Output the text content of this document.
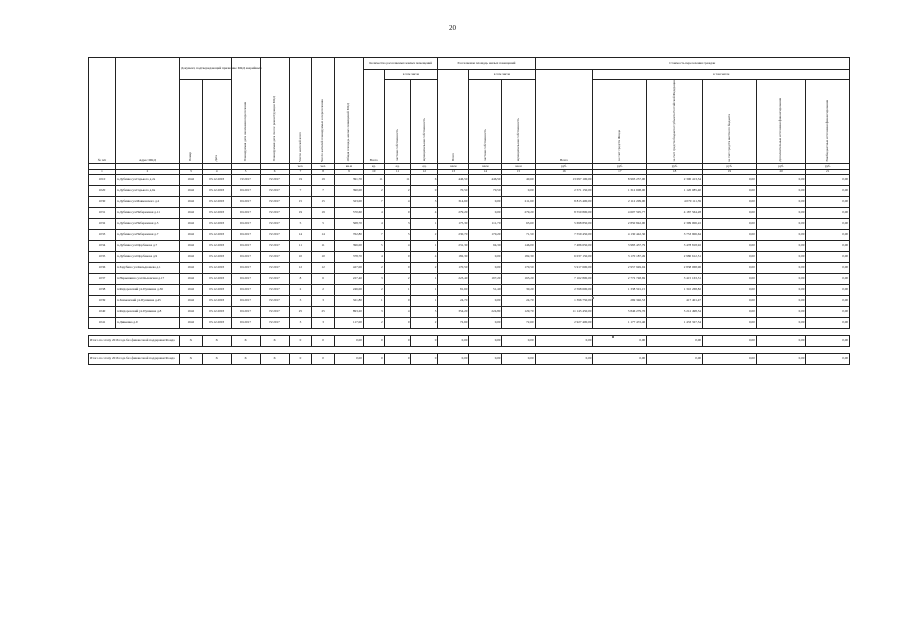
20
№ п/п	Адрес МКД	Документ, подтверждающий признание МКД аварийным		Планируемая дата окончания переселения	Планируемая дата сноса/ реконструкции МКД	Число жителей всего	Число жителей планируемых к переселению	Общая площадь жилых помещений МКД	Количество расселяемых жилых помещений			Расселяемая площадь жилых помещений			Стоимость переселения граждан					
									Всего	в том числе		Всего	в том числе		Всего	в том числе				
		Номер	Дата							частная собственность	муниципальная собственность		частная собственность	муниципальная собственность		за счет средств Фонда	за счет средств бюджета Субъекта Российской Федерации	за счет средств местного бюджета	Дополнительные источники финансирования	Внебюджетные источники финансирования
						чел.	чел.	кв.м	ед.	ед.	ед.	кв.м	кв.м	кв.м	руб.	руб.	руб.	руб.	руб.	руб.
1	2	3	4	5	6	7	8	9	10	11	12	13	14	15	16	17	18	19	20	21
1010	п.Дубинка ул.Горького д.2а	1642	03.12.2003	IV.2017	IV.2017	19	19	391,70	11	11	6	446,50	446,50	40,60	13 097 100,00	8 993 257,00	2 300 413,54	0,00	0,00	0,00
1020	п.Дубинка ул.Горького д.6а	1642	03.12.2003	III.2017	IV.2017	7	7	390,00	2	2	0	70,50	70,50	0,00	2 571 150,00	1 312 608,00	1 120 085,40	0,00	0,00	0,00
1030	п.Дубинка ул.Маяковского д.2	1642	03.12.2003	III.2017	IV.2017	15	15	323,00	7	4	3	314,60	0,00	211,60	8 815 400,00	2 112 209,00	4 070 111,39	0,00	0,00	0,00
1031	п.Дубинка ул.Набережная д.11	1642	03.12.2003	III.2017	IV.2017	19	19	570,60	4	0	4	279,20	0,00	279,20	8 550 800,00	4 607 595,77	4 187 564,28	0,00	0,00	0,00
1032	п.Дубинка ул.Набережная д.5	1642	03.12.2003	III.2017	IV.2017	5	5	568,70	4	3	1	175,30	111,70	63,60	5 698 850,00	2 850 842,00	2 399 006,22	0,00	0,00	0,00
1033	п.Дубинка ул.Набережная д.7	1642	03.12.2003	III.2017	IV.2017	14	14	762,80	7	5	2	230,70	170,20	71,50	7 559 450,00	4 130 442,36	3 753 906,64	0,00	0,00	0,00
1034	п.Дубинка ул.Щорбакова д.7	1642	03.12.2003	III.2017	IV.2017	11	11	396,00	5	4	1	231,30	94,30	146,00	7 486 650,00	3 983 437,79	3 478 818,92	0,00	0,00	0,00
1035	п.Дубинка ул.Щорбакова д.9	1642	03.12.2003	III.2017	IV.2017	10	10	378,70	4	0	4	182,30	0,00	182,30	6 037 150,00	3 170 187,49	2 980 612,51	0,00	0,00	0,00
1036	п.Зарубино ул.Кильдюшева д.1	1642	03.12.2003	III.2017	IV.2017	12	12	427,00	2	0	2	170,50	0,00	170,50	5 917 600,00	2 957 949,04	2 838 068,96	0,00	0,00	0,00
1037	п.Нарышкино ул.Ольховская д.17	1642	03.12.2003	III.2017	IV.2017	8	6	227,40	3	2	1	223,40	197,20	163,20	7 162 800,00	2 772 748,69	3 415 163,31	0,00	0,00	0,00
1038	п.Фёдоровский ул.Пушкина д.36	1642	03.12.2003	III.2017	IV.2017	2	2	246,00	2	1	1	81,60	51,40	30,20	2 598 600,00	1 338 591,15	1 310 268,82	0,00	0,00	0,00
1039	п.Знаменский ул.Пушкина д.45	1642	03.12.2003	III.2017	IV.2017	3	3	321,80	1	0	1	24,70	0,00	24,70	1 396 750,00	269 346,53	417 401,47	0,00	0,00	0,00
1040	п.Фёдоровский ул.Пушкина д.8	1642	03.12.2003	III.2017	IV.2017	25	25	893,20	3	4	5	354,20	224,80	129,70	11 145 450,00	5 846 279,76	5 212 498,54	0,00	0,00	0,00
1041	п.Дивеевка д.9	1642	03.12.2003	III.2017	IV.2017	3	3	117,00	2	0	2	72,60	0,00	72,60	2 927 400,00	1 177 472,46	1 433 327,54	0,00	0,00	0,00

Итого по этапу 2016 года без финансовой поддержки Фонда		X	X	X	X	0	0	0,00	0	0	0	0,00	0,00	0,00	0,00	0,00	0,00	0,00	0,00	0,00

Итого по этапу 2016 года без финансовой поддержки Фонда		X	X	X	X	0	0	0,00	0	0	0	0,00	0,00	0,00	0,00	0,00	0,00	0,00	0,00	0,00
